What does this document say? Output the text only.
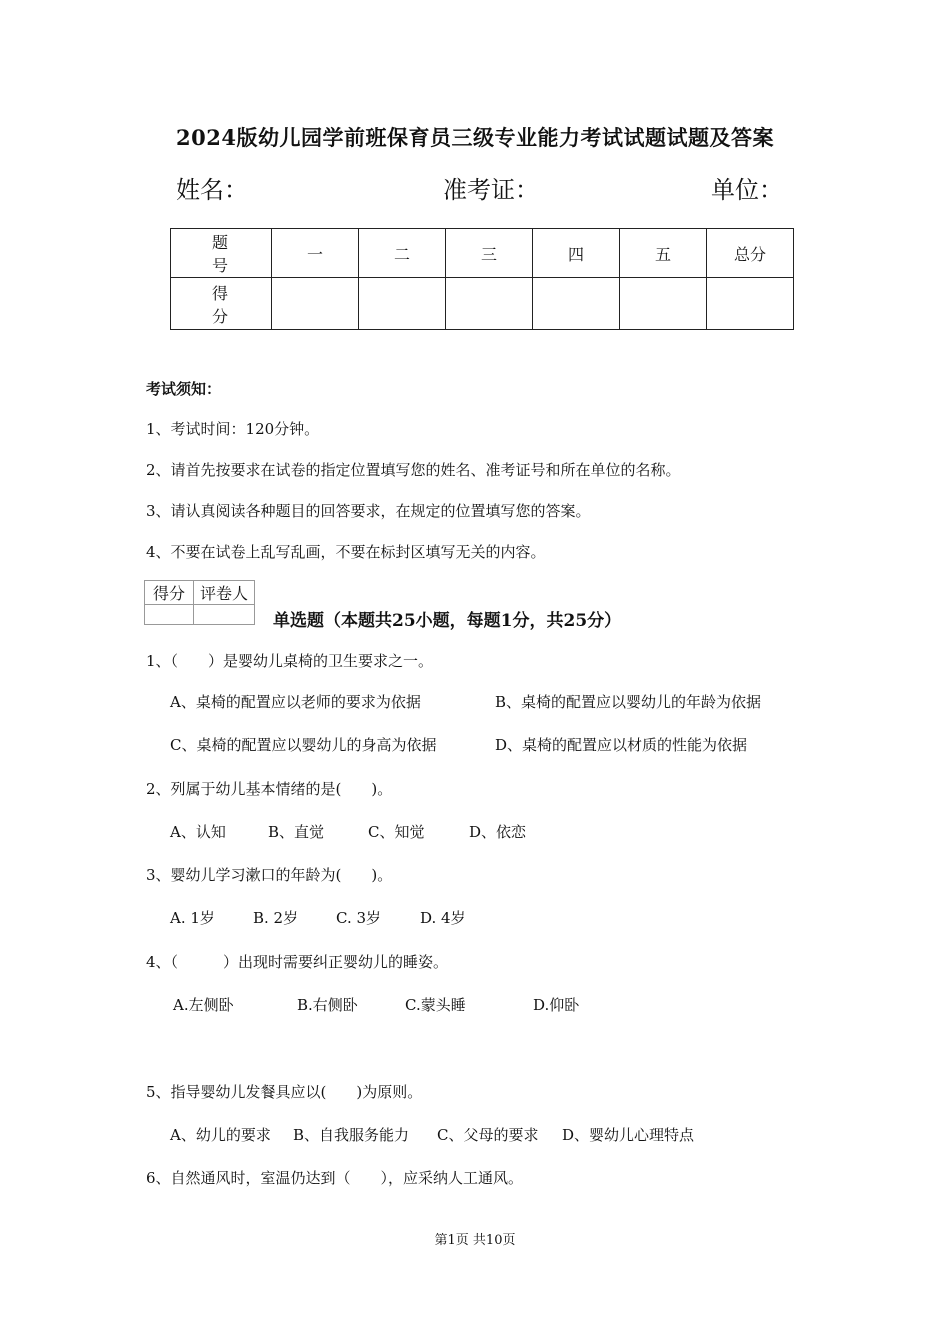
2024版幼儿园学前班保育员三级专业能力考试试题试题及答案
姓名：	准考证：	单位：
题　号	一	二	三	四	五	总分
得　分						
考试须知：
1、考试时间：120分钟。
2、请首先按要求在试卷的指定位置填写您的姓名、准考证号和所在单位的名称。
3、请认真阅读各种题目的回答要求，在规定的位置填写您的答案。
4、不要在试卷上乱写乱画，不要在标封区填写无关的内容。
得分	评卷人

单选题（本题共25小题，每题1分，共25分）
1、（　　）是婴幼儿桌椅的卫生要求之一。
A、桌椅的配置应以老师的要求为依据	B、桌椅的配置应以婴幼儿的年龄为依据
C、桌椅的配置应以婴幼儿的身高为依据	D、桌椅的配置应以材质的性能为依据
2、列属于幼儿基本情绪的是(　　)。
A、认知	B、直觉	C、知觉	D、依恋
3、婴幼儿学习漱口的年龄为(　　)。
A. 1岁	B. 2岁	C. 3岁	D. 4岁
4、（　　　）出现时需要纠正婴幼儿的睡姿。
A.左侧卧	B.右侧卧	C.蒙头睡	D.仰卧
5、指导婴幼儿发餐具应以(　　)为原则。
A、幼儿的要求 B、自我服务能力 C、父母的要求 D、婴幼儿心理特点
6、自然通风时，室温仍达到（　　），应采纳人工通风。
第1页 共10页
